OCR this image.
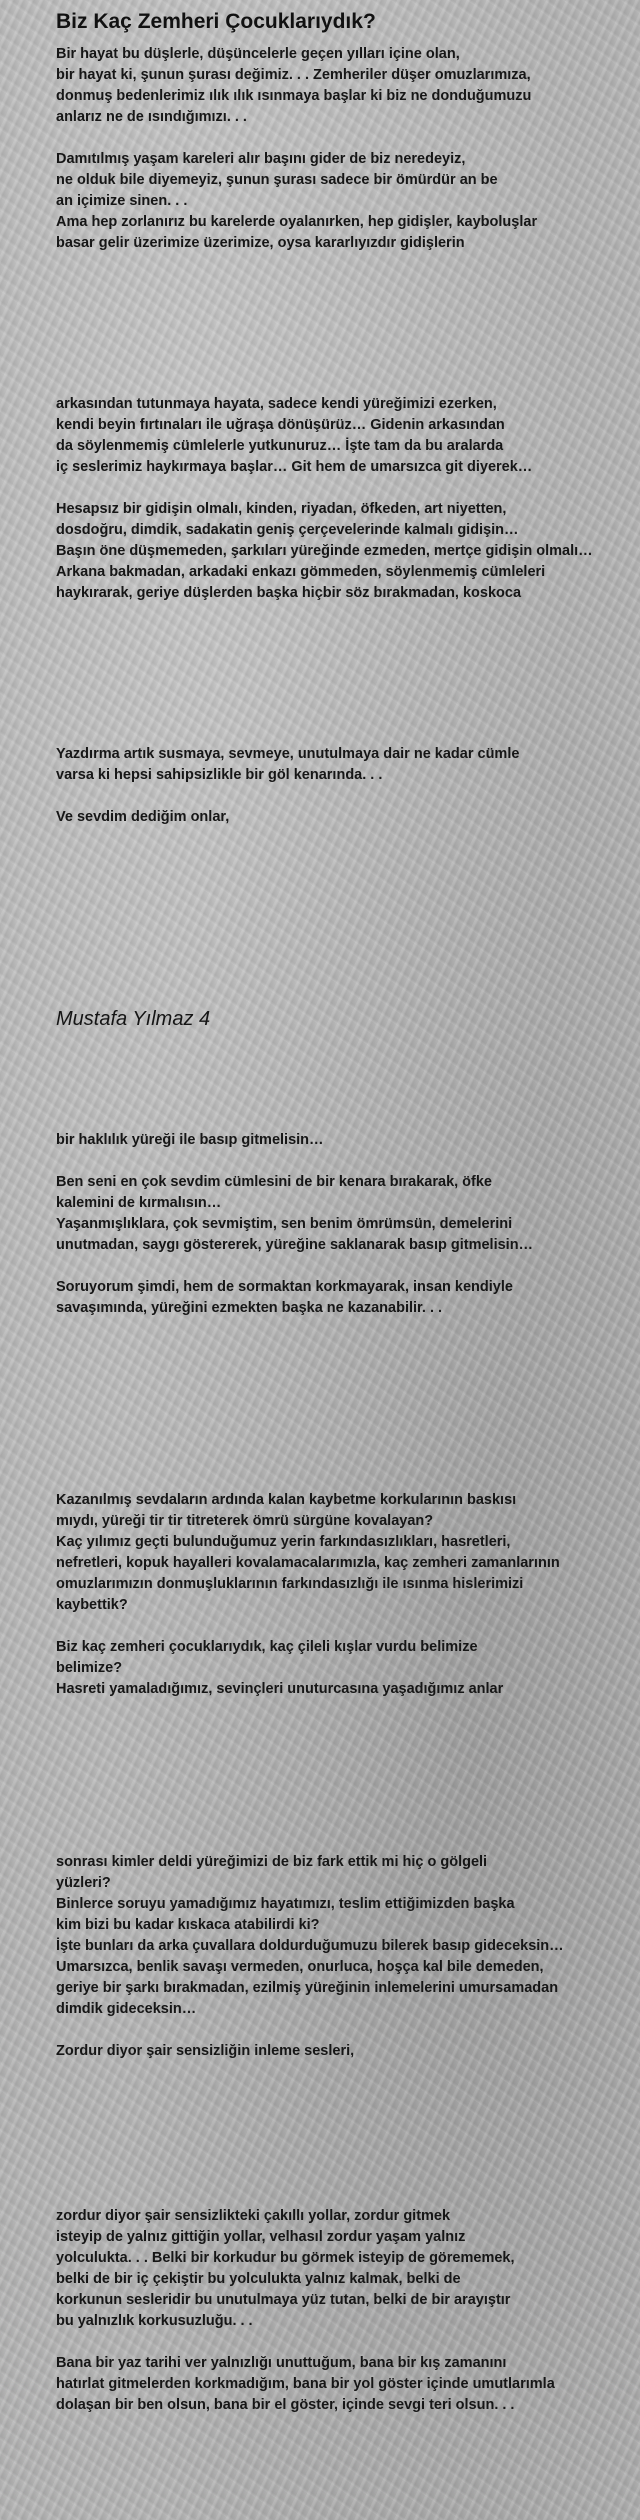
Biz Kaç Zemheri Çocuklarıydık?
Bir hayat bu düşlerle, düşüncelerle geçen yılları içine olan,
bir hayat ki, şunun şurası değimiz. . . Zemheriler düşer omuzlarımıza,
donmuş bedenlerimiz ılık ılık ısınmaya başlar ki biz ne donduğumuzu
anlarız ne de ısındığımızı. . .
Damıtılmış yaşam kareleri alır başını gider de biz neredeyiz,
ne olduk bile diyemeyiz, şunun şurası sadece bir ömürdür an be
an içimize sinen. . .
Ama hep zorlanırız bu karelerde oyalanırken, hep gidişler, kayboluşlar
basar gelir üzerimize üzerimize, oysa kararlıyızdır gidişlerin
arkasından tutunmaya hayata, sadece kendi yüreğimizi ezerken,
kendi beyin fırtınaları ile uğraşa dönüşürüz… Gidenin arkasından
da söylenmemiş cümlelerle yutkunuruz… İşte tam da bu aralarda
iç seslerimiz haykırmaya başlar… Git hem de umarsızca git diyerek…
Hesapsız bir gidişin olmalı, kinden, riyadan, öfkeden, art niyetten,
dosdoğru, dimdik, sadakatin geniş çerçevelerinde kalmalı gidişin…
Başın öne düşmemeden, şarkıları yüreğinde ezmeden, mertçe gidişin olmalı…
Arkana bakmadan, arkadaki enkazı gömmeden, söylenmemiş cümleleri
haykırarak, geriye düşlerden başka hiçbir söz bırakmadan, koskoca
Yazdırma artık susmaya, sevmeye, unutulmaya dair ne kadar cümle
varsa ki hepsi sahipsizlikle bir göl kenarında. . .
Ve sevdim dediğim onlar,
Mustafa Yılmaz 4
bir haklılık yüreği ile basıp gitmelisin…
Ben seni en çok sevdim cümlesini de bir kenara bırakarak, öfke
kalemini de kırmalısın…
Yaşanmışlıklara, çok sevmiştim, sen benim ömrümsün, demelerini
unutmadan, saygı göstererek, yüreğine saklanarak basıp gitmelisin…
Soruyorum şimdi, hem de sormaktan korkmayarak, insan kendiyle
savaşımında, yüreğini ezmekten başka ne kazanabilir. . .
Kazanılmış sevdaların ardında kalan kaybetme korkularının baskısı
mıydı, yüreği tir tir titreterek ömrü sürgüne kovalayan?
Kaç yılımız geçti bulunduğumuz yerin farkındasızlıkları, hasretleri,
nefretleri, kopuk hayalleri kovalamacalarımızla, kaç zemheri zamanlarının
omuzlarımızın donmuşluklarının farkındasızlığı ile ısınma hislerimizi
kaybettik?
Biz kaç zemheri çocuklarıydık, kaç çileli kışlar vurdu belimize
belimize?
Hasreti yamaladığımız, sevinçleri unuturcasına yaşadığımız anlar
sonrası kimler deldi yüreğimizi de biz fark ettik mi hiç o gölgeli
yüzleri?
Binlerce soruyu yamadığımız hayatımızı, teslim ettiğimizden başka
kim bizi bu kadar kıskaca atabilirdi ki?
İşte bunları da arka çuvallara doldurduğumuzu bilerek basıp gideceksin…
Umarsızca, benlik savaşı vermeden, onurluca, hoşça kal bile demeden,
geriye bir şarkı bırakmadan, ezilmiş yüreğinin inlemelerini umursamadan
dimdik gideceksin…
Zordur diyor şair sensizliğin inleme sesleri,
zordur diyor şair sensizlikteki çakıllı yollar, zordur gitmek
isteyip de yalnız gittiğin yollar, velhasıl zordur yaşam yalnız
yolculukta. . . Belki bir korkudur bu görmek isteyip de görememek,
belki de bir iç çekiştir bu yolculukta yalnız kalmak, belki de
korkunun sesleridir bu unutulmaya yüz tutan, belki de bir arayıştır
bu yalnızlık korkusuzluğu. . .
Bana bir yaz tarihi ver yalnızlığı unuttuğum, bana bir kış zamanını
hatırlat gitmelerden korkmadığım, bana bir yol göster içinde umutlarımla
dolaşan bir ben olsun, bana bir el göster, içinde sevgi teri olsun. . .
